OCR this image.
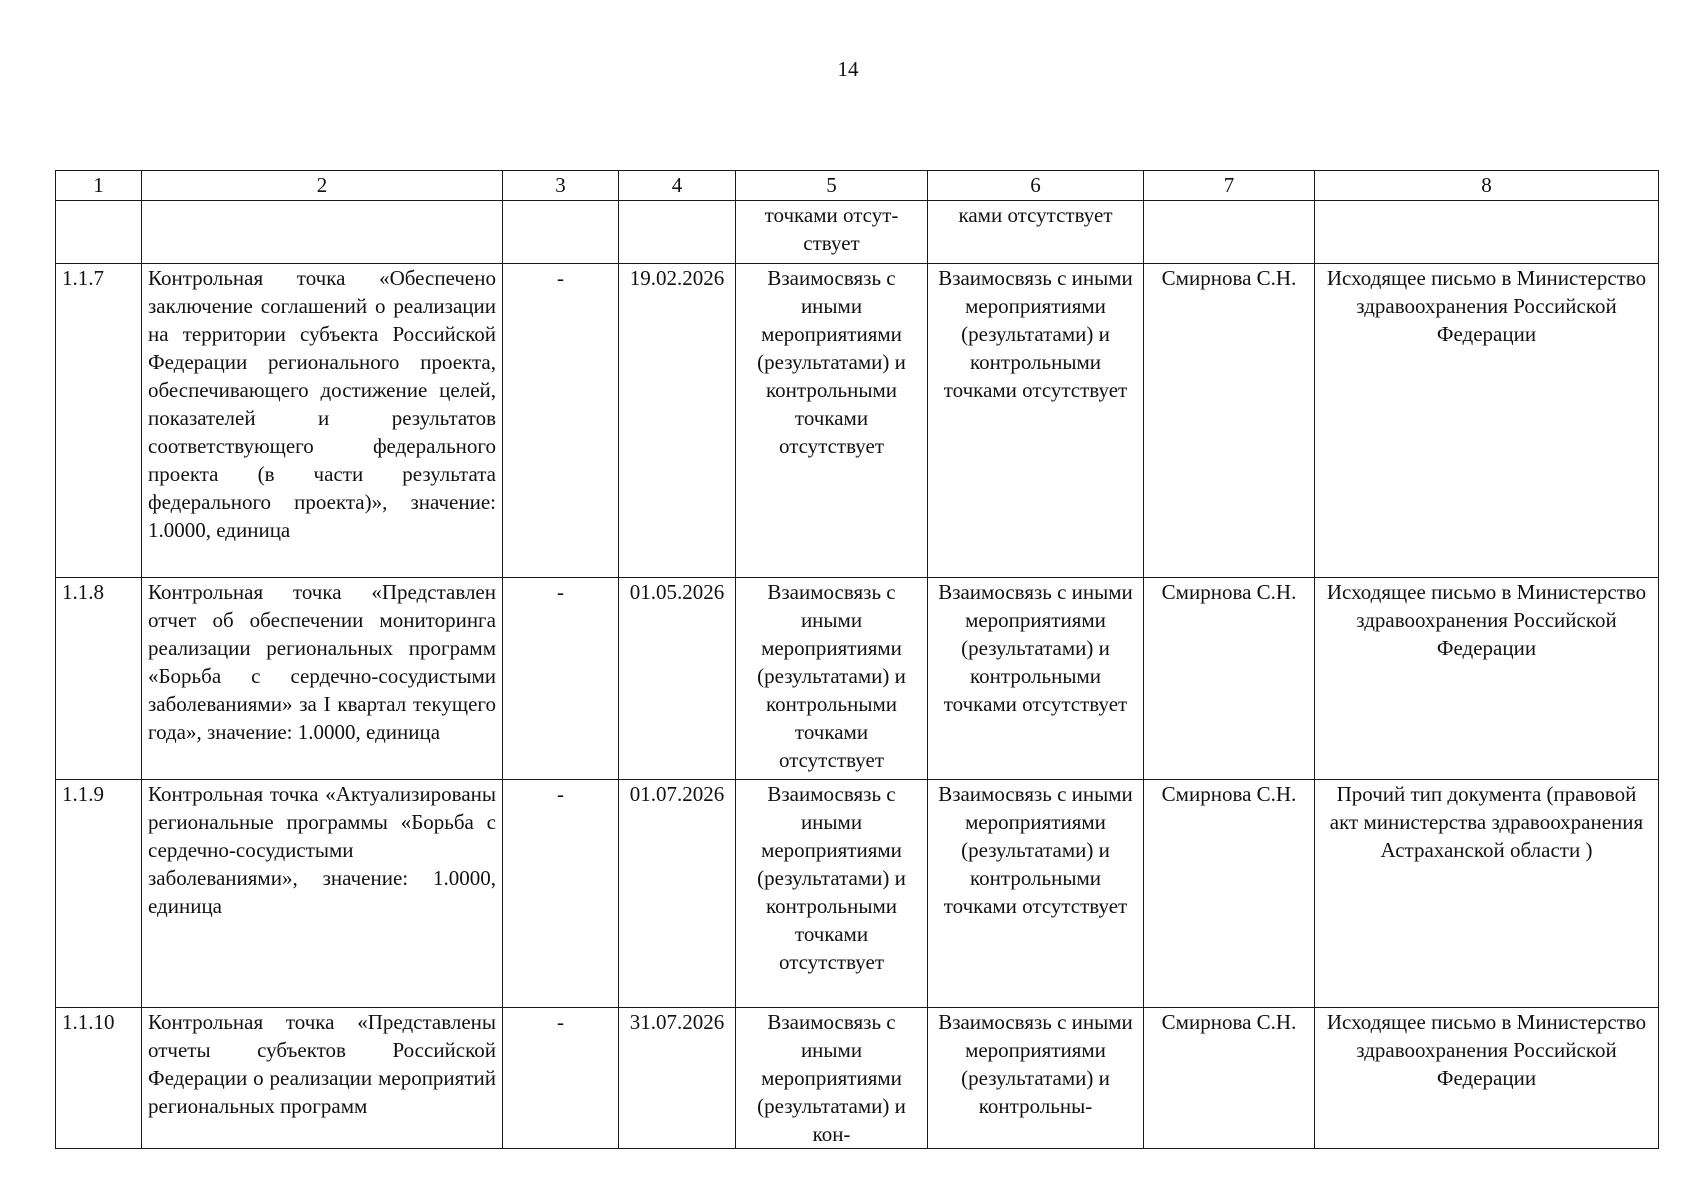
14
1	2	3	4	5	6	7	8
				точками отсут-ствует	ками отсутствует		
1.1.7	Контрольная точка «Обеспечено заключение соглашений о реализации на территории субъекта Российской Федерации регионального проекта, обеспечивающего достижение целей, показателей и результатов соответствующего федерального проекта (в части результата федерального проекта)», значение: 1.0000, единица	-	19.02.2026	Взаимосвязь с иными мероприятиями (результатами) и контрольными точками отсутствует	Взаимосвязь с иными мероприятиями (результатами) и контрольными точками отсутствует	Смирнова С.Н.	Исходящее письмо в Министерство здравоохранения Российской Федерации
1.1.8	Контрольная точка «Представлен отчет об обеспечении мониторинга реализации региональных программ «Борьба с сердечно-сосудистыми заболеваниями» за I квартал текущего года», значение: 1.0000, единица	-	01.05.2026	Взаимосвязь с иными мероприятиями (результатами) и контрольными точками отсутствует	Взаимосвязь с иными мероприятиями (результатами) и контрольными точками отсутствует	Смирнова С.Н.	Исходящее письмо в Министерство здравоохранения Российской Федерации
1.1.9	Контрольная точка «Актуализированы региональные программы «Борьба с сердечно-сосудистыми заболеваниями», значение: 1.0000, единица	-	01.07.2026	Взаимосвязь с иными мероприятиями (результатами) и контрольными точками отсутствует	Взаимосвязь с иными мероприятиями (результатами) и контрольными точками отсутствует	Смирнова С.Н.	Прочий тип документа (правовой акт министерства здравоохранения Астраханской области )
1.1.10	Контрольная точка «Представлены отчеты субъектов Российской Федерации о реализации мероприятий региональных программ	-	31.07.2026	Взаимосвязь с иными мероприятиями (результатами) и кон-	Взаимосвязь с иными мероприятиями (результатами) и контрольны-	Смирнова С.Н.	Исходящее письмо в Министерство здравоохранения Российской Федерации
